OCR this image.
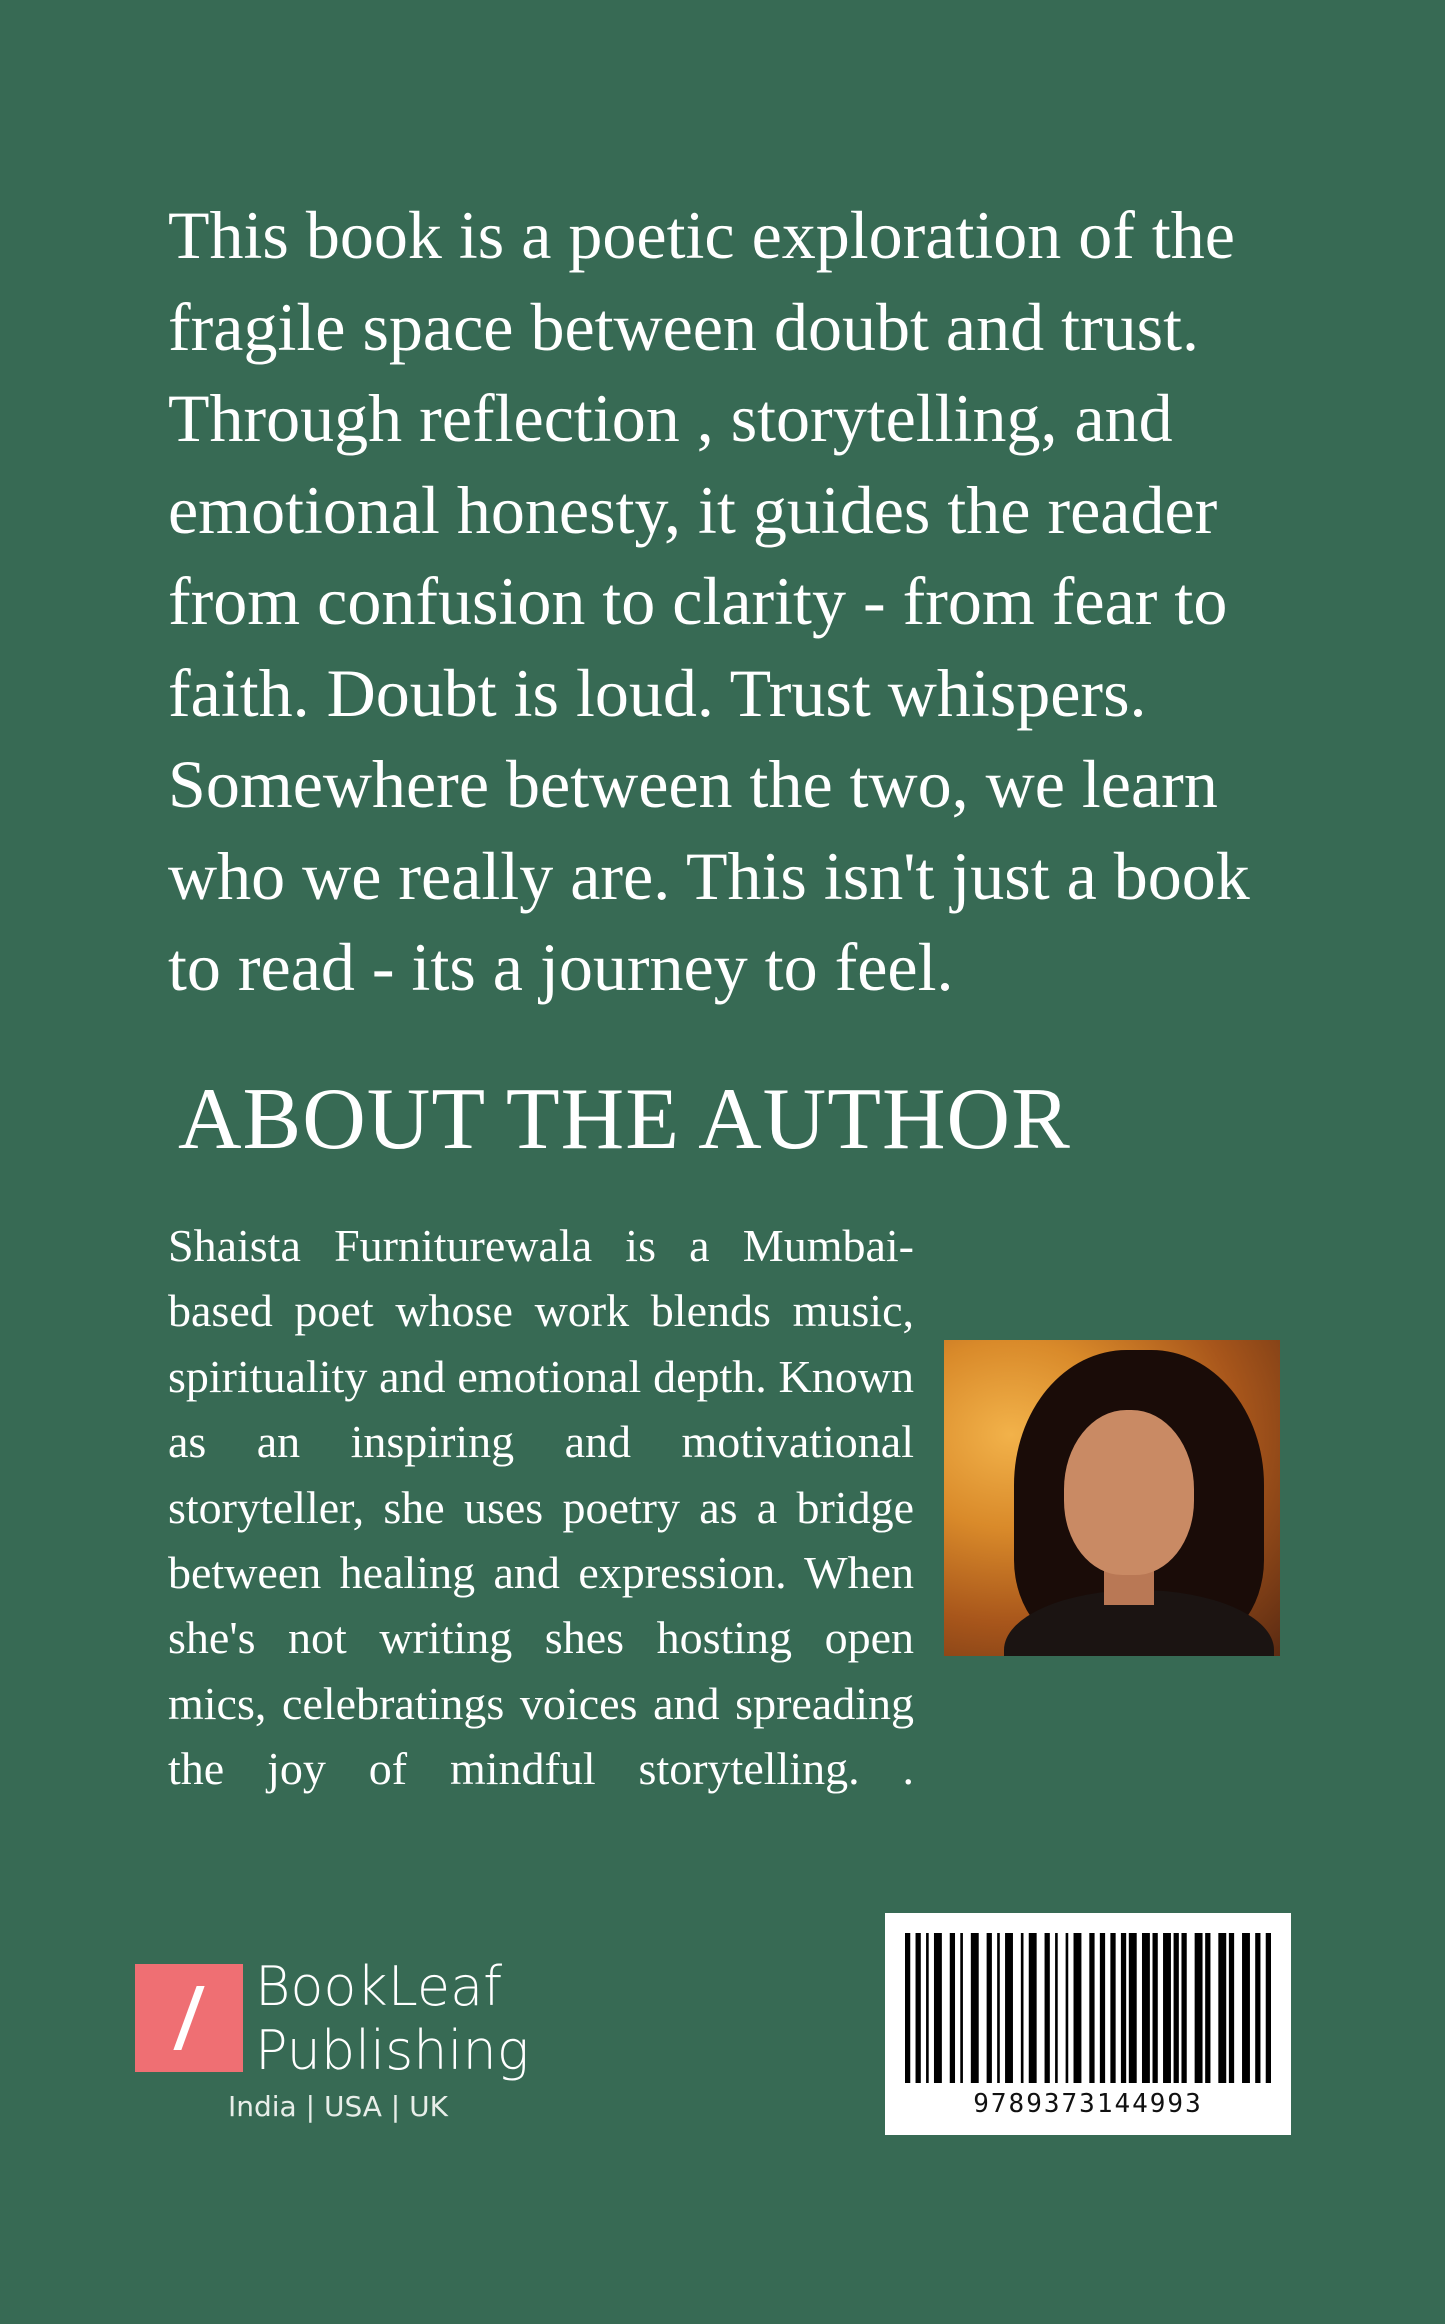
This book is a poetic exploration of the fragile space between doubt and trust. Through reflection , storytelling, and emotional honesty, it guides the reader from confusion to clarity - from fear to faith. Doubt is loud. Trust whispers. Somewhere between the two, we learn who we really are. This isn't just a book to read - its a journey to feel.

ABOUT THE AUTHOR

Shaista Furniturewala is a Mumbai-based poet whose work blends music, spirituality and emotional depth. Known as an inspiring and motivational storyteller, she uses poetry as a bridge between healing and expression. When she's not writing shes hosting open mics, celebratings voices and spreading the joy of mindful storytelling. .

BookLeaf
Publishing
India | USA | UK	9789373144993
